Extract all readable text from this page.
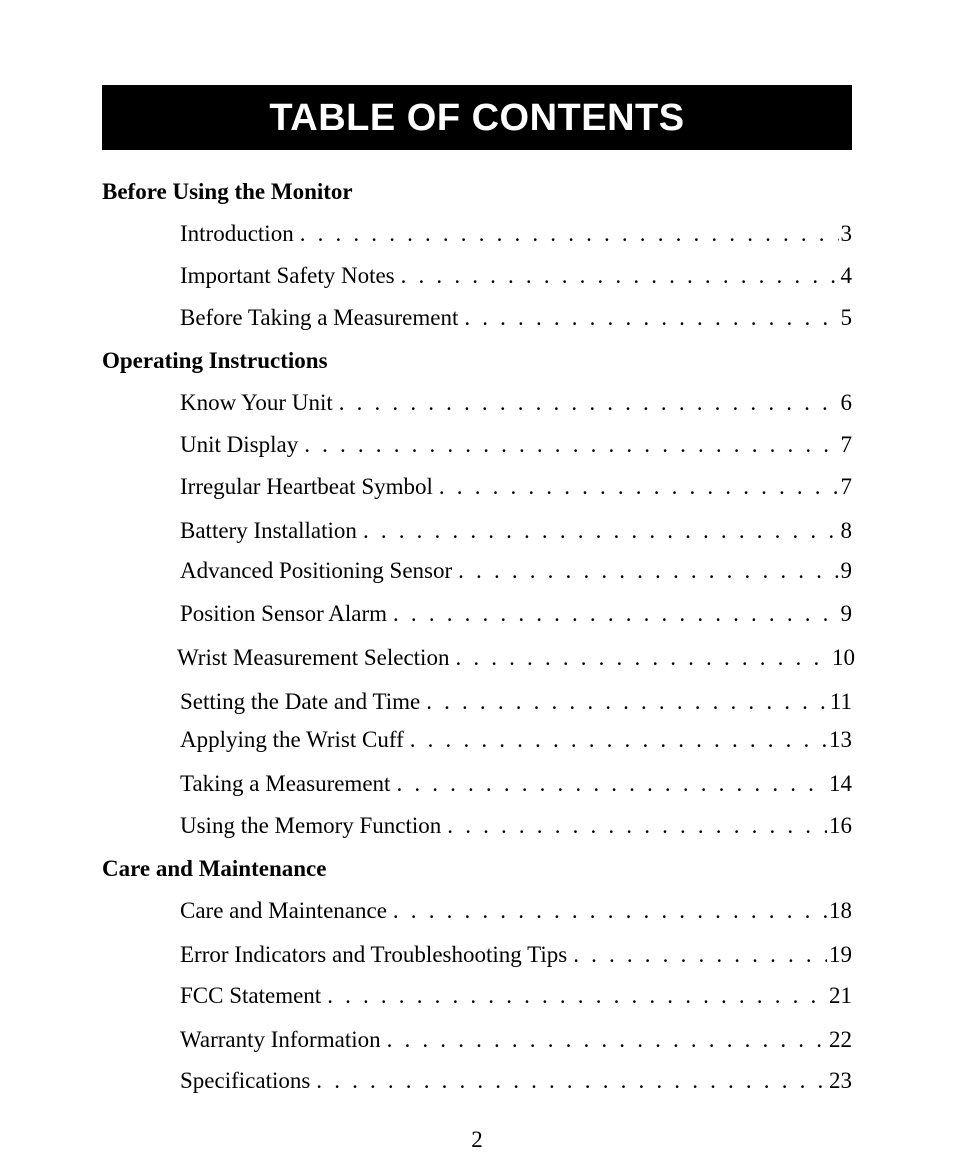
TABLE OF CONTENTS
Before Using the Monitor
Introduction . . .	3
Important Safety Notes . . .	4
Before Taking a Measurement . . .	5
Operating Instructions
Know Your Unit . . .	6
Unit Display . . .	7
Irregular Heartbeat Symbol . . .	7
Battery Installation . . .	8
Advanced Positioning Sensor . . .	9
Position Sensor Alarm . . .	9
Wrist Measurement Selection . . .	10
Setting the Date and Time . . .	11
Applying the Wrist Cuff . . .	13
Taking a Measurement . . .	14
Using the Memory Function . . .	16
Care and Maintenance
Care and Maintenance . . .	18
Error Indicators and Troubleshooting Tips . . .	19
FCC Statement . . .	21
Warranty Information . . .	22
Specifications . . .	23
2
